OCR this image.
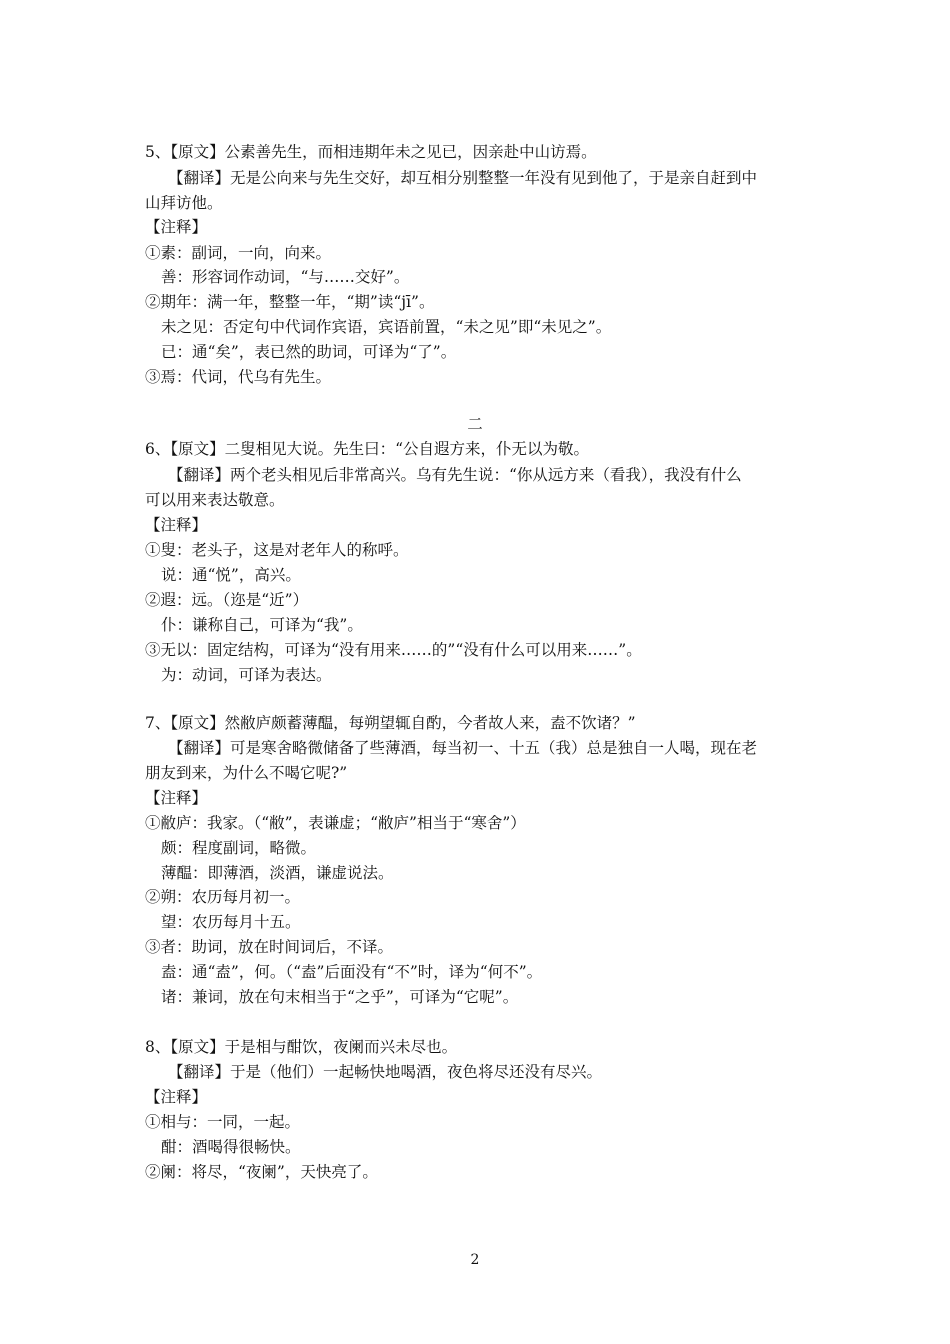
5、【原文】公素善先生，而相违期年未之见已，因亲赴中山访焉。
【翻译】无是公向来与先生交好，却互相分别整整一年没有见到他了，于是亲自赶到中
山拜访他。
【注释】
①素：副词，一向，向来。
善：形容词作动词，“与……交好”。
②期年：满一年，整整一年，“期”读“jī”。
未之见：否定句中代词作宾语，宾语前置，“未之见”即“未见之”。
已：通“矣”，表已然的助词，可译为“了”。
③焉：代词，代乌有先生。
二
6、【原文】二叟相见大说。先生曰：“公自遐方来，仆无以为敬。
【翻译】两个老头相见后非常高兴。乌有先生说：“你从远方来（看我），我没有什么
可以用来表达敬意。
【注释】
①叟：老头子，这是对老年人的称呼。
说：通“悦”，高兴。
②遐：远。（迩是“近”）
仆：谦称自己，可译为“我”。
③无以：固定结构，可译为“没有用来……的”“没有什么可以用来……”。
为：动词，可译为表达。
7、【原文】然敝庐颇蓄薄醖，每朔望辄自酌，今者故人来，盍不饮诸？”
【翻译】可是寒舍略微储备了些薄酒，每当初一、十五（我）总是独自一人喝，现在老
朋友到来，为什么不喝它呢?”
【注释】
①敝庐：我家。（“敝”，表谦虚；“敝庐”相当于“寒舍”）
颇：程度副词，略微。
薄醖：即薄酒，淡酒，谦虚说法。
②朔：农历每月初一。
望：农历每月十五。
③者：助词，放在时间词后，不译。
盍：通“盍”，何。（“盍”后面没有“不”时，译为“何不”。
诸：兼词，放在句末相当于“之乎”，可译为“它呢”。
8、【原文】于是相与酣饮，夜阑而兴未尽也。
【翻译】于是（他们）一起畅快地喝酒，夜色将尽还没有尽兴。
【注释】
①相与：一同，一起。
酣：酒喝得很畅快。
②阑：将尽，“夜阑”，天快亮了。
2
